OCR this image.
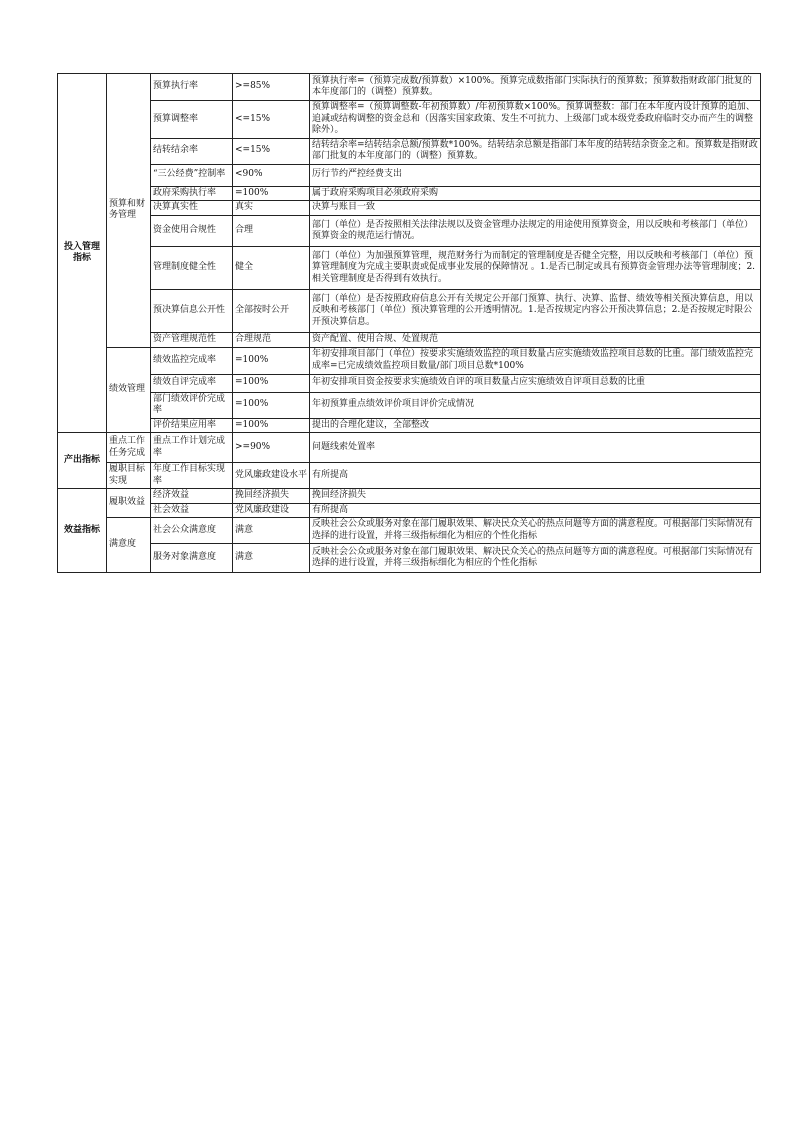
投入管理指标	预算和财务管理	预算执行率	>=85%	预算执行率=（预算完成数/预算数）×100%。预算完成数指部门实际执行的预算数；预算数指财政部门批复的本年度部门的（调整）预算数。
		预算调整率	<=15%	预算调整率=（预算调整数-年初预算数）/年初预算数×100%。预算调整数：部门在本年度内设计预算的追加、追减或结构调整的资金总和（因落实国家政策、发生不可抗力、上级部门或本级党委政府临时交办而产生的调整除外）。
		结转结余率	<=15%	结转结余率=结转结余总额/预算数*100%。结转结余总额是指部门本年度的结转结余资金之和。预算数是指财政部门批复的本年度部门的（调整）预算数。
		“三公经费”控制率	<90%	厉行节约严控经费支出
		政府采购执行率	=100%	属于政府采购项目必须政府采购
		决算真实性	真实	决算与账目一致
		资金使用合规性	合理	部门（单位）是否按照相关法律法规以及资金管理办法规定的用途使用预算资金，用以反映和考核部门（单位）预算资金的规范运行情况。
		管理制度健全性	健全	部门（单位）为加强预算管理，规范财务行为而制定的管理制度是否健全完整，用以反映和考核部门（单位）预算管理制度为完成主要职责或促成事业发展的保障情况 。1.是否已制定或具有预算资金管理办法等管理制度；2.相关管理制度是否得到有效执行。
		预决算信息公开性	全部按时公开	部门（单位）是否按照政府信息公开有关规定公开部门预算、执行、决算、监督、绩效等相关预决算信息，用以反映和考核部门（单位）预决算管理的公开透明情况。1.是否按规定内容公开预决算信息；2.是否按规定时限公开预决算信息。
		资产管理规范性	合理规范	资产配置、使用合规、处置规范
	绩效管理	绩效监控完成率	=100%	年初安排项目部门（单位）按要求实施绩效监控的项目数量占应实施绩效监控项目总数的比重。部门绩效监控完成率=已完成绩效监控项目数量/部门项目总数*100%
		绩效自评完成率	=100%	年初安排项目资金按要求实施绩效自评的项目数量占应实施绩效自评项目总数的比重
		部门绩效评价完成率	=100%	年初预算重点绩效评价项目评价完成情况
		评价结果应用率	=100%	提出的合理化建议，全部整改
产出指标	重点工作任务完成	重点工作计划完成率	>=90%	问题线索处置率
	履职目标实现	年度工作目标实现率	党风廉政建设水平	有所提高
效益指标	履职效益	经济效益	挽回经济损失	挽回经济损失
		社会效益	党风廉政建设	有所提高
	满意度	社会公众满意度	满意	反映社会公众或服务对象在部门履职效果、解决民众关心的热点问题等方面的满意程度。可根据部门实际情况有选择的进行设置，并将三级指标细化为相应的个性化指标
		服务对象满意度	满意	反映社会公众或服务对象在部门履职效果、解决民众关心的热点问题等方面的满意程度。可根据部门实际情况有选择的进行设置，并将三级指标细化为相应的个性化指标
